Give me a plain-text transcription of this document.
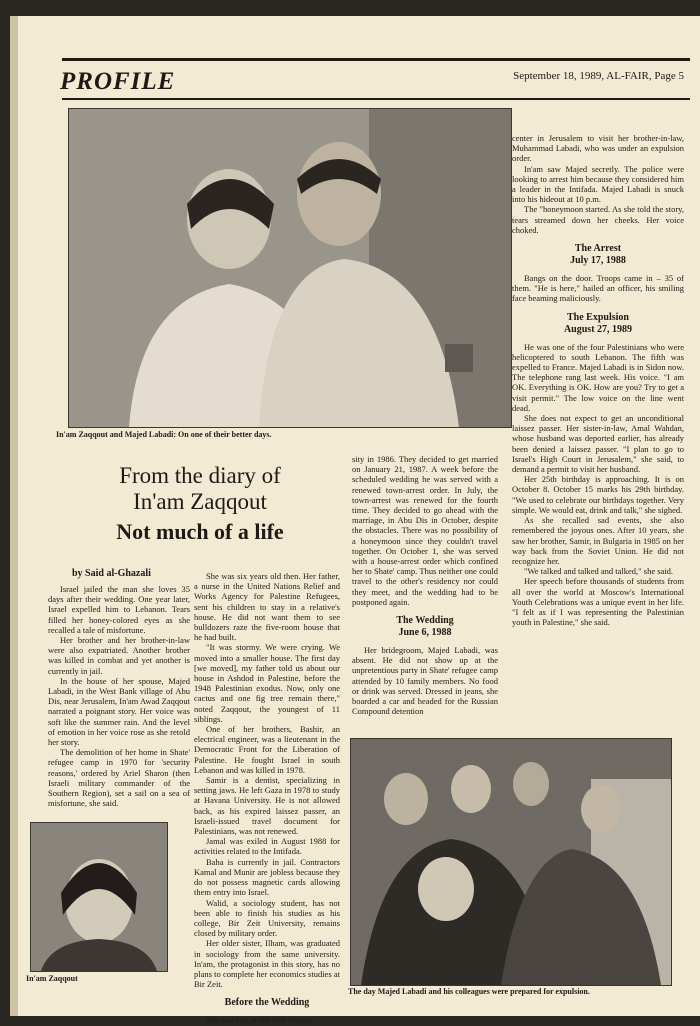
PROFILE	September 18, 1989, AL-FAIR, Page 5
In'am Zaqqout and Majed Labadi: On one of their better days.
From the diary of
In'am Zaqqout
Not much of a life
by Said al-Ghazali

Israel jailed the man she loves 35 days after their wedding. One year later, Israel expelled him to Lebanon. Tears filled her honey-colored eyes as she recalled a tale of misfortune.

Her brother and her brother-in-law were also expatriated. Another brother was killed in combat and yet another is currently in jail.

In the house of her spouse, Majed Labadi, in the West Bank village of Abu Dis, near Jerusalem, In'am Awad Zaqqout narrated a poignant story. Her voice was soft like the summer rain. And the level of emotion in her voice rose as she retold her story.

The demolition of her home in Shate' refugee camp in 1970 for 'security reasons,' ordered by Ariel Sharon (then Israeli military commander of the Southern Region), set a sail on a sea of misfortune, she said.

In'am Zaqqout

She was six years old then. Her father, a nurse in the United Nations Relief and Works Agency for Palestine Refugees, sent his children to stay in a relative's house. He did not want them to see bulldozers raze the five-room house that he had built.

"It was stormy. We were crying. We moved into a smaller house. The first day [we moved], my father told us about our house in Ashdod in Palestine, before the 1948 Palestinian exodus. Now, only one cactus and one fig tree remain there," noted Zaqqout, the youngest of 11 siblings.

One of her brothers, Bashir, an electrical engineer, was a lieutenant in the Democratic Front for the Liberation of Palestine. He fought Israel in south Lebanon and was killed in 1978.

Samir is a dentist, specializing in setting jaws. He left Gaza in 1978 to study at Havana University. He is not allowed back, as his expired laissez passer, an Israeli-issued travel document for Palestinians, was not renewed.

Jamal was exiled in August 1988 for activities related to the Intifada.

Baha is currently in jail. Contractors Kamal and Munir are jobless because they do not possess magnetic cards allowing them entry into Israel.

Walid, a sociology student, has not been able to finish his studies as his college, Bir Zeit University, remains closed by military order.

Her older sister, Ilham, was graduated in sociology from the same university. In'am, the protagonist in this story, has no plans to complete her economics studies at Bir Zeit.

Before the Wedding

She met him at Bir Zeit Univer-

sity in 1986. They decided to get married on January 21, 1987. A week before the scheduled wedding he was served with a renewed town-arrest order. In July, the town-arrest was renewed for the fourth time. They decided to go ahead with the marriage, in Abu Dis in October, despite the obstacles. There was no possibility of a honeymoon since they couldn't travel together. On October 1, she was served with a house-arrest order which confined her to Shate' camp. Thus neither one could travel to the other's residency nor could they meet, and the wedding had to be postponed again.

The Wedding
June 6, 1988

Her bridegroom, Majed Labadi, was absent. He did not show up at the unpretentious party in Shate' refugee camp attended by 10 family members. No food or drink was served. Dressed in jeans, she boarded a car and headed for the Russian Compound detention

center in Jerusalem to visit her brother-in-law, Muhammad Labadi, who was under an expulsion order.

In'am saw Majed secretly. The police were looking to arrest him because they considered him a leader in the Intifada. Majed Labadi is snuck into his hideout at 10 p.m.

The "honeymoon started. As she told the story, tears streamed down her cheeks. Her voice choked.

The Arrest
July 17, 1988

Bangs on the door. Troops came in – 35 of them. "He is here," hailed an officer, his smiling face beaming maliciously.

The Expulsion
August 27, 1989

He was one of the four Palestinians who were helicoptered to south Lebanon. The fifth was expelled to France. Majed Labadi is in Sidon now. The telephone rang last week. His voice. "I am OK. Everything is OK. How are you? Try to get a visit permit." The low voice on the line went dead.

She does not expect to get an unconditional laissez passer. Her sister-in-law, Amal Wahdan, whose husband was deported earlier, has already been denied a laissez passer. "I plan to go to Israel's High Court in Jerusalem," she said, to demand a permit to visit her husband.

Her 25th birthday is approaching. It is on October 8. October 15 marks his 29th birthday. "We used to celebrate our birthdays together. Very simple. We would eat, drink and talk," she sighed.

As she recalled sad events, she also remembered the joyous ones. After 10 years, she saw her brother, Samir, in Bulgaria in 1985 on her way back from the Soviet Union. He did not recognize her.

"We talked and talked and talked," she said.

Her speech before thousands of students from all over the world at Moscow's International Youth Celebrations was a unique event in her life. "I felt as if I was representing the Palestinian youth in Palestine," she said.

The day Majed Labadi and his colleagues were prepared for expulsion.
